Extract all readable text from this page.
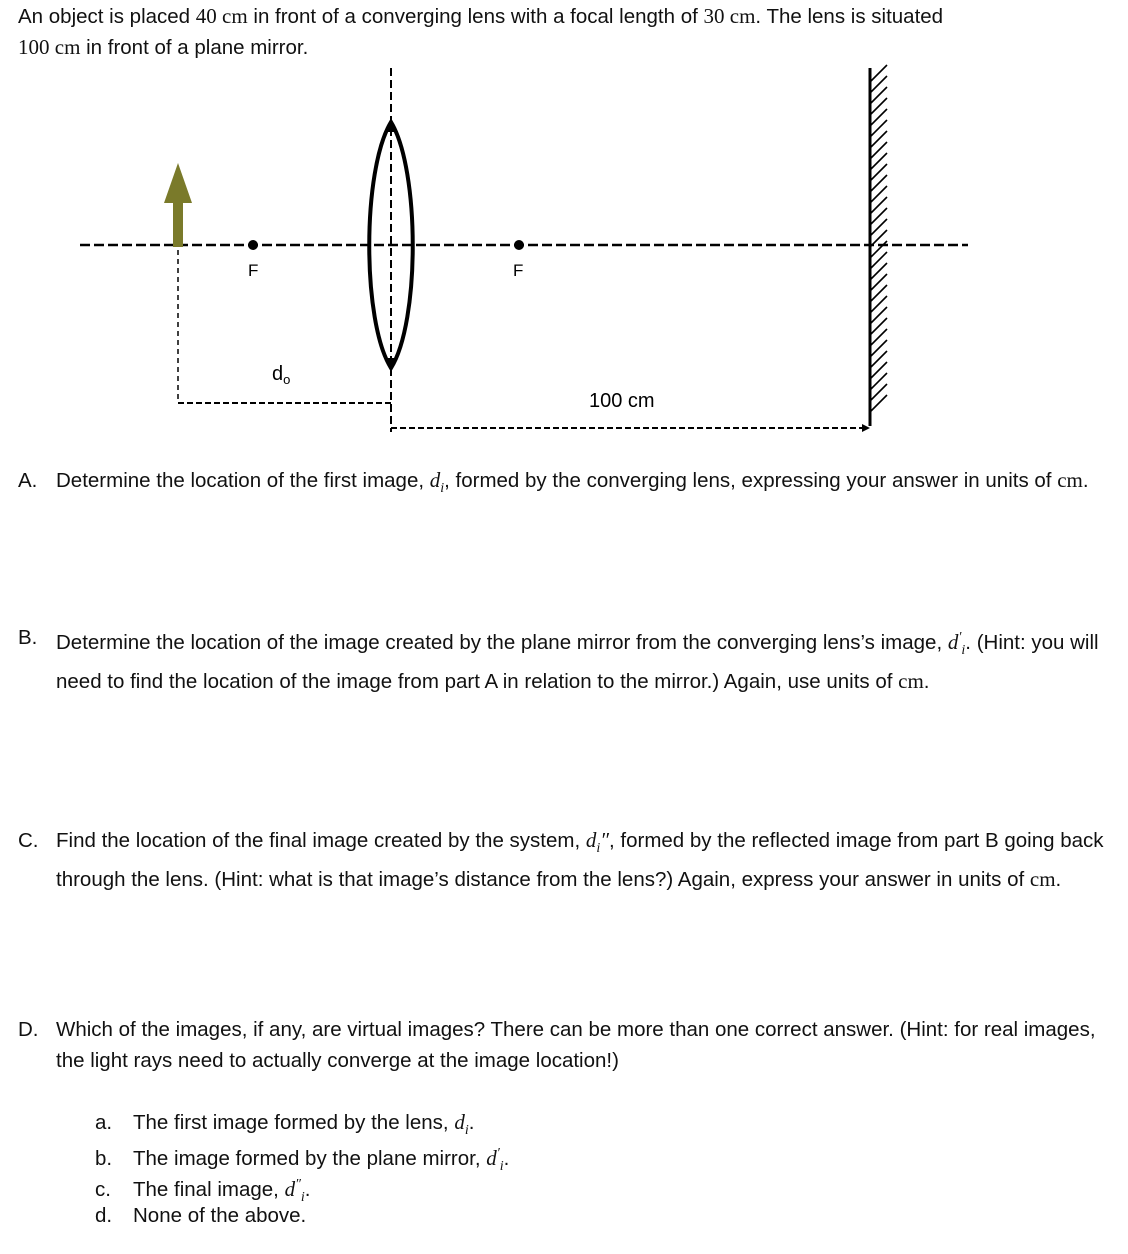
An object is placed 40 cm in front of a converging lens with a focal length of 30 cm. The lens is situated
100 cm in front of a plane mirror.
F	F
$d_o$
100 cm
A. Determine the location of the first image, $d_i$, formed by the converging lens, expressing your answer in units of cm.
B. Determine the location of the image created by the plane mirror from the converging lens’s image, $d'_i$. (Hint: you will need to find the location of the image from part A in relation to the mirror.) Again, use units of cm.
C. Find the location of the final image created by the system, $d_i''$, formed by the reflected image from part B going back through the lens. (Hint: what is that image’s distance from the lens?) Again, express your answer in units of cm.
D. Which of the images, if any, are virtual images? There can be more than one correct answer. (Hint: for real images, the light rays need to actually converge at the image location!)
a. The first image formed by the lens, $d_i$.
b. The image formed by the plane mirror, $d'_i$.
c. The final image, $d''_i$.
d. None of the above.
